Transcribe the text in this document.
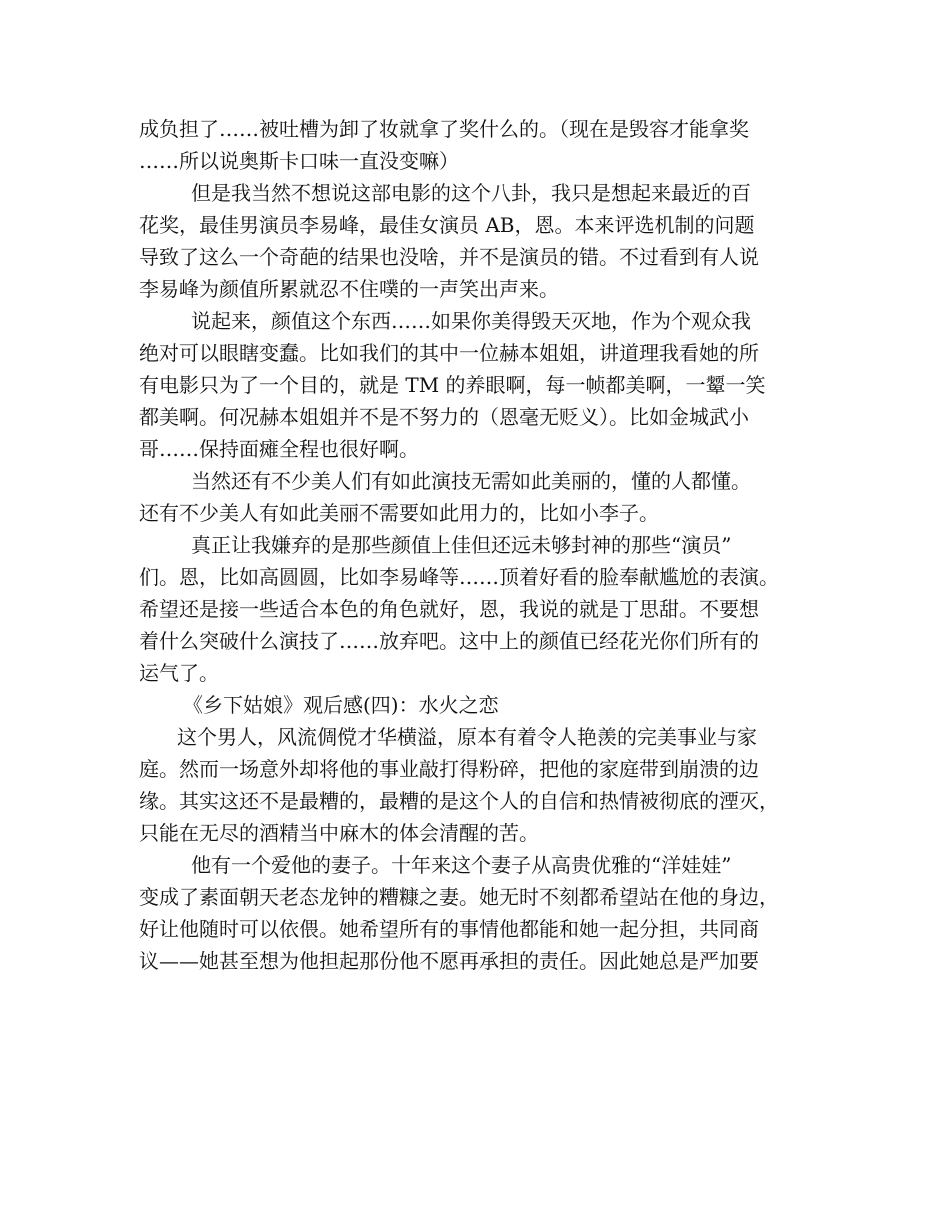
成负担了……被吐槽为卸了妆就拿了奖什么的。（现在是毁容才能拿奖
……所以说奥斯卡口味一直没变嘛）
但是我当然不想说这部电影的这个八卦，我只是想起来最近的百
花奖，最佳男演员李易峰，最佳女演员 AB，恩。本来评选机制的问题
导致了这么一个奇葩的结果也没啥，并不是演员的错。不过看到有人说
李易峰为颜值所累就忍不住噗的一声笑出声来。
说起来，颜值这个东西……如果你美得毁天灭地，作为个观众我
绝对可以眼瞎变蠢。比如我们的其中一位赫本姐姐，讲道理我看她的所
有电影只为了一个目的，就是 TM 的养眼啊，每一帧都美啊，一颦一笑
都美啊。何况赫本姐姐并不是不努力的（恩毫无贬义）。比如金城武小
哥……保持面瘫全程也很好啊。
当然还有不少美人们有如此演技无需如此美丽的，懂的人都懂。
还有不少美人有如此美丽不需要如此用力的，比如小李子。
真正让我嫌弃的是那些颜值上佳但还远未够封神的那些“演员”
们。恩，比如高圆圆，比如李易峰等……顶着好看的脸奉献尴尬的表演。
希望还是接一些适合本色的角色就好，恩，我说的就是丁思甜。不要想
着什么突破什么演技了……放弃吧。这中上的颜值已经花光你们所有的
运气了。
《乡下姑娘》观后感(四)：水火之恋
这个男人，风流倜傥才华横溢，原本有着令人艳羡的完美事业与家
庭。然而一场意外却将他的事业敲打得粉碎，把他的家庭带到崩溃的边
缘。其实这还不是最糟的，最糟的是这个人的自信和热情被彻底的湮灭，
只能在无尽的酒精当中麻木的体会清醒的苦。
他有一个爱他的妻子。十年来这个妻子从高贵优雅的“洋娃娃”
变成了素面朝天老态龙钟的糟糠之妻。她无时不刻都希望站在他的身边，
好让他随时可以依偎。她希望所有的事情他都能和她一起分担，共同商
议——她甚至想为他担起那份他不愿再承担的责任。因此她总是严加要
